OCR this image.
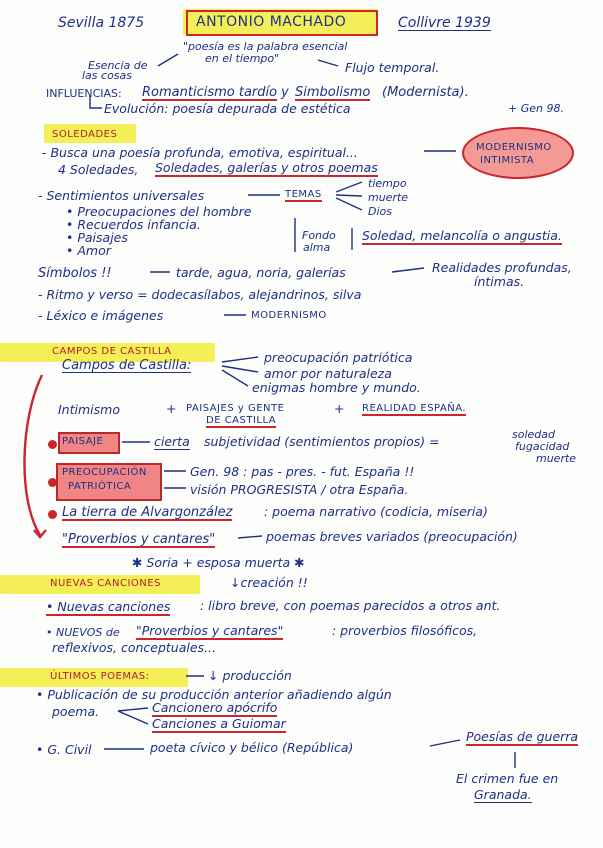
Sevilla 1875	ANTONIO MACHADO	Collivre 1939
"poesía es la palabra esencial
en el tiempo"
Esencia de
las cosas
Flujo temporal.
INFLUENCIAS: Romanticismo tardío y Simbolismo (Modernista).
Evolución: poesía depurada de estética	+ Gen 98.
SOLEDADES
- Busca una poesía profunda, emotiva, espiritual...	MODERNISMO
INTIMISTA
4 Soledades, Soledades, galerías y otros poemas
- Sentimientos universales	TEMAS
tiempo
muerte
Dios
• Preocupaciones del hombre
• Recuerdos infancia.
• Paisajes
• Amor
Fondo
alma
Soledad, melancolía o angustia.
Símbolos !!	tarde, agua, noria, galerías	Realidades profundas,
íntimas.
- Ritmo y verso = dodecasílabos, alejandrinos, silva
- Léxico e imágenes	MODERNISMO
CAMPOS DE CASTILLA
Campos de Castilla:
preocupación patriótica
amor por naturaleza
enigmas hombre y mundo.
Intimismo	+ PAISAJES y GENTE
DE CASTILLA
+ REALIDAD ESPAÑA.
PAISAJE	cierta subjetividad (sentimientos propios) =	soledad
fugacidad
muerte
PREOCUPACIÓN
PATRIÓTICA
Gen. 98 : pas - pres. - fut. España !!
visión PROGRESISTA / otra España.
La tierra de Alvargonzález	: poema narrativo (codicia, miseria)
"Proverbios y cantares"	poemas breves variados (preocupación)
✱ Soria + esposa muerta ✱
NUEVAS CANCIONES	↓creación !!
• Nuevas canciones : libro breve, con poemas parecidos a otros ant.
• NUEVOS de "Proverbios y cantares"	: proverbios filosóficos,
reflexivos, conceptuales...
ÚLTIMOS POEMAS:	↓ producción
• Publicación de su producción anterior añadiendo algún
poema.	Cancionero apócrifo
Canciones a Guiomar
• G. Civil	poeta cívico y bélico (República)
Poesías de guerra
El crimen fue en
Granada.
